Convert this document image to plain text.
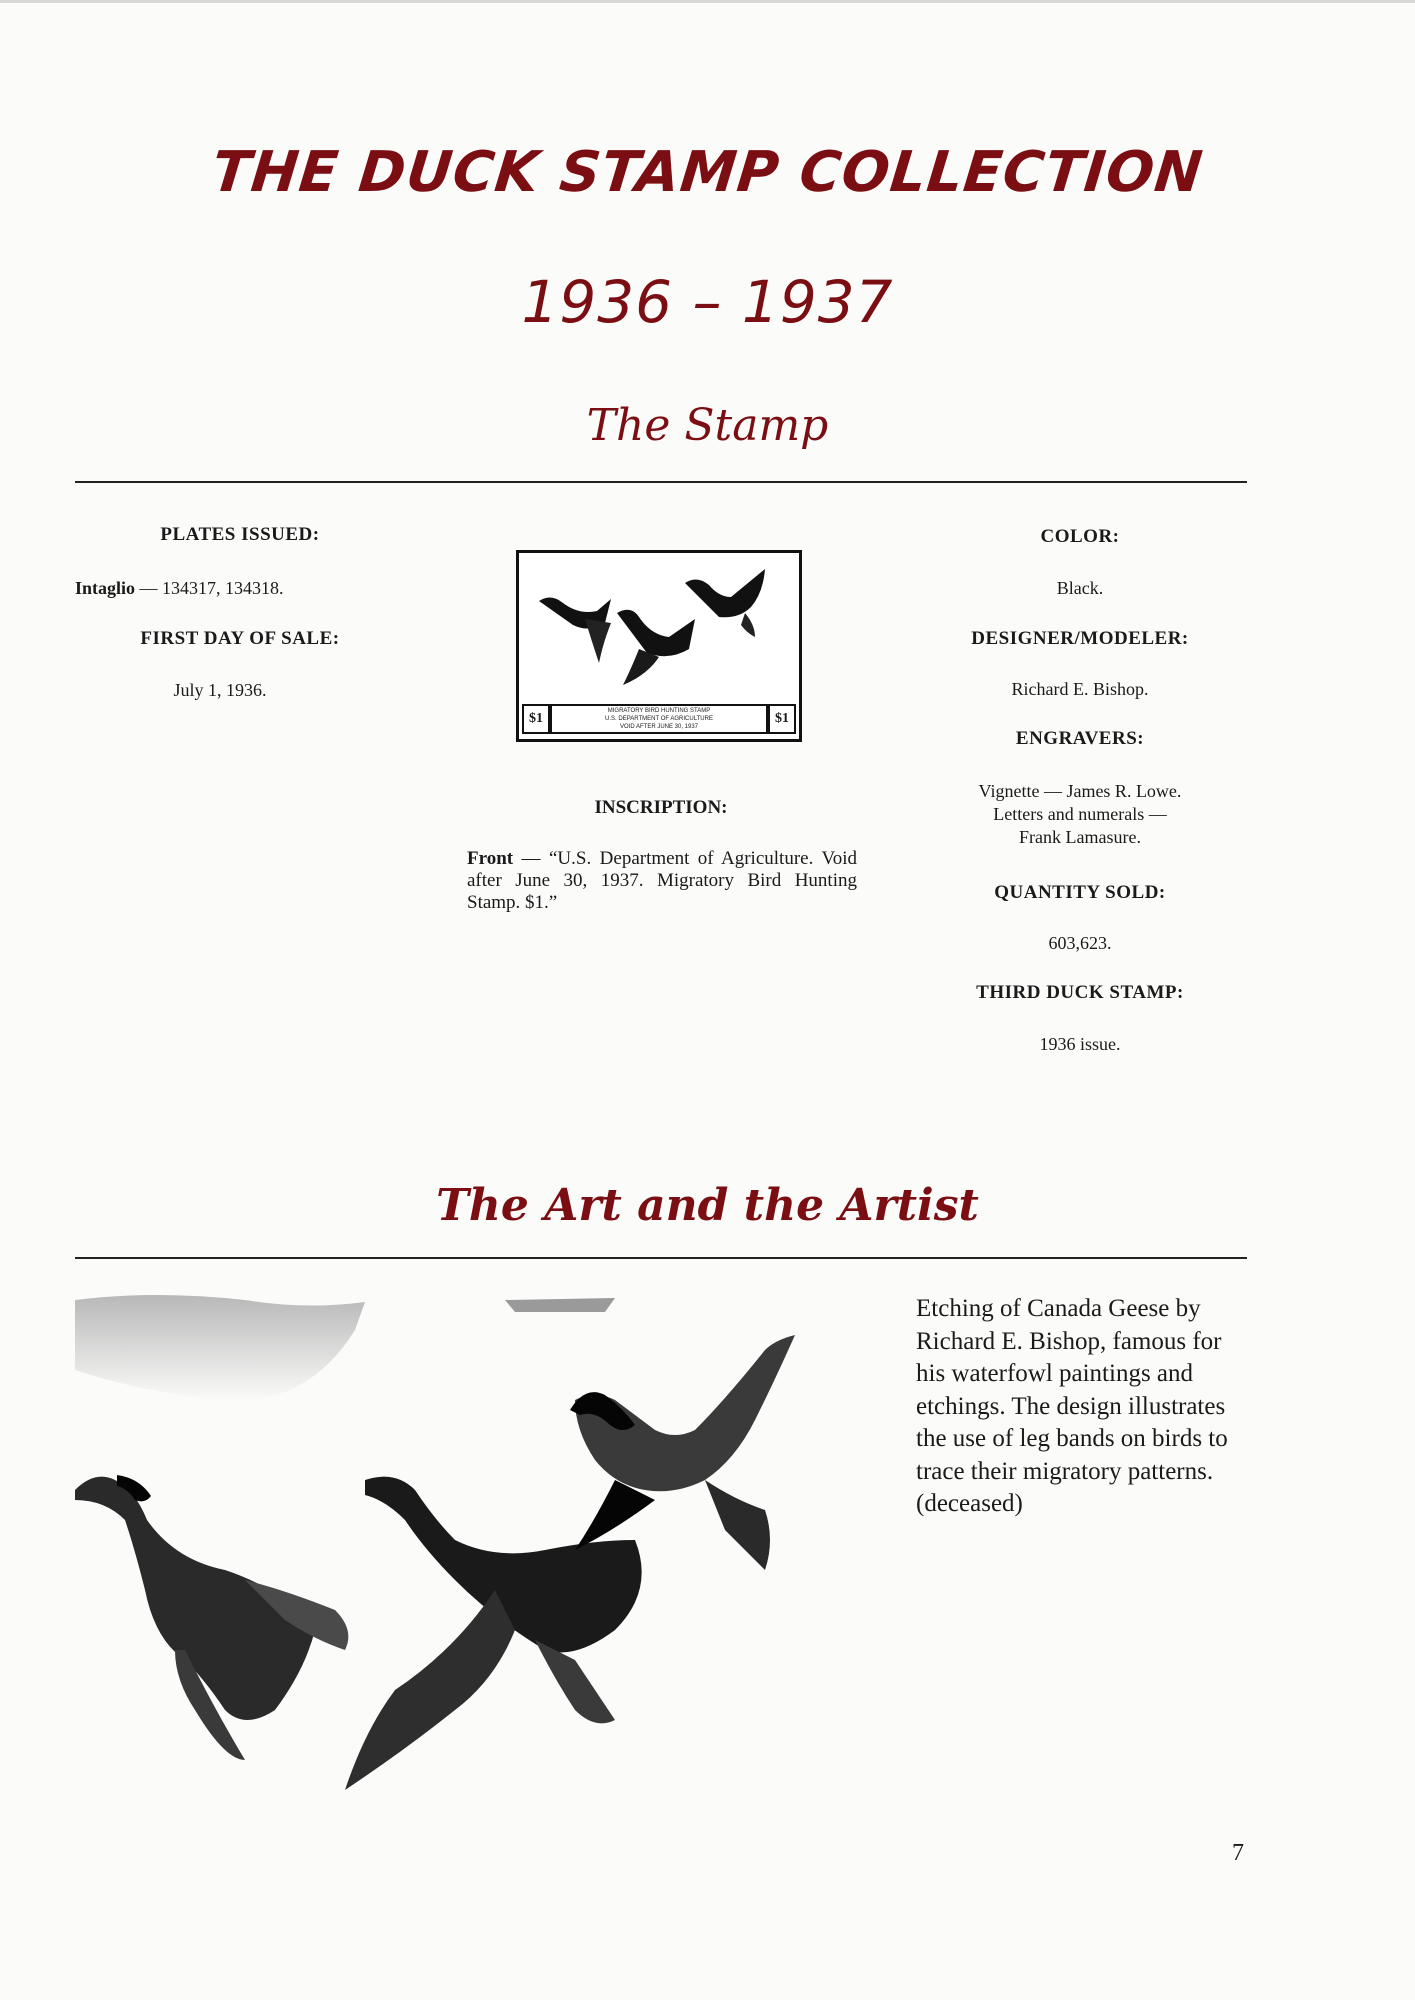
THE DUCK STAMP COLLECTION
1936 – 1937
The Stamp
PLATES ISSUED:
Intaglio — 134317, 134318.
FIRST DAY OF SALE:
July 1, 1936.
$1	$1
MIGRATORY BIRD HUNTING STAMP
U.S. DEPARTMENT OF AGRICULTURE
VOID AFTER JUNE 30, 1937
INSCRIPTION:
Front — “U.S. Department of Agriculture. Void after June 30, 1937. Migratory Bird Hunting Stamp. $1.”
COLOR:
Black.
DESIGNER/MODELER:
Richard E. Bishop.
ENGRAVERS:
Vignette — James R. Lowe.
Letters and numerals —
Frank Lamasure.
QUANTITY SOLD:
603,623.
THIRD DUCK STAMP:
1936 issue.
The Art and the Artist
Etching of Canada Geese by Richard E. Bishop, famous for his waterfowl paintings and etchings. The design illustrates the use of leg bands on birds to trace their migratory patterns. (deceased)
7
